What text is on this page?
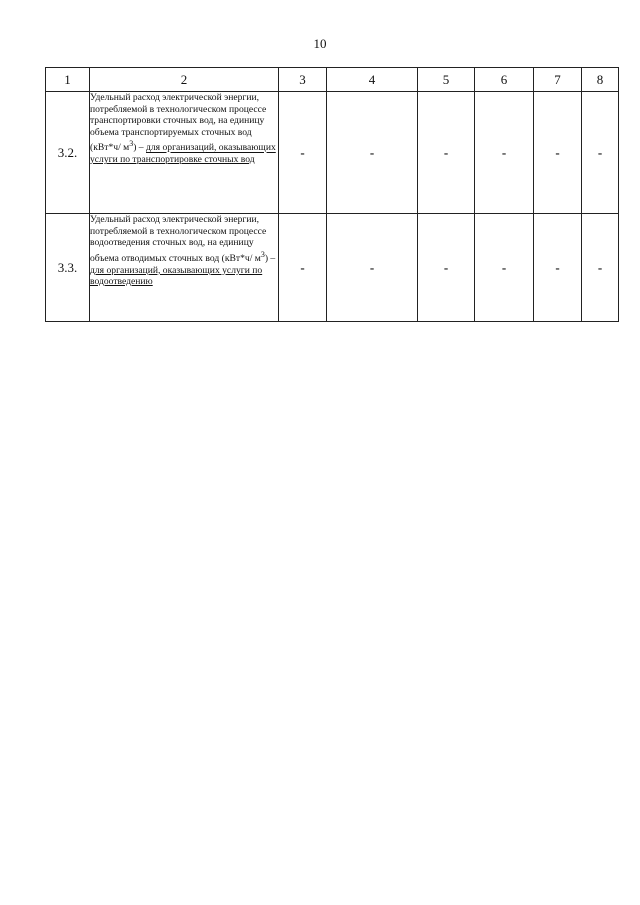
10
1	2	3	4	5	6	7	8
3.2.	Удельный расход электрической энергии, потребляемой в технологическом процессе транспортировки сточных вод, на единицу объема транспортируемых сточных вод (кВт*ч/ $м^3$) – для организаций, оказывающих услуги по транспортировке сточных вод	-	-	-	-	-	-
3.3.	Удельный расход электрической энергии, потребляемой в технологическом процессе водоотведения сточных вод, на единицу объема отводимых сточных вод (кВт*ч/ $м^3$) – для организаций, оказывающих услуги по водоотведению	-	-	-	-	-	-
